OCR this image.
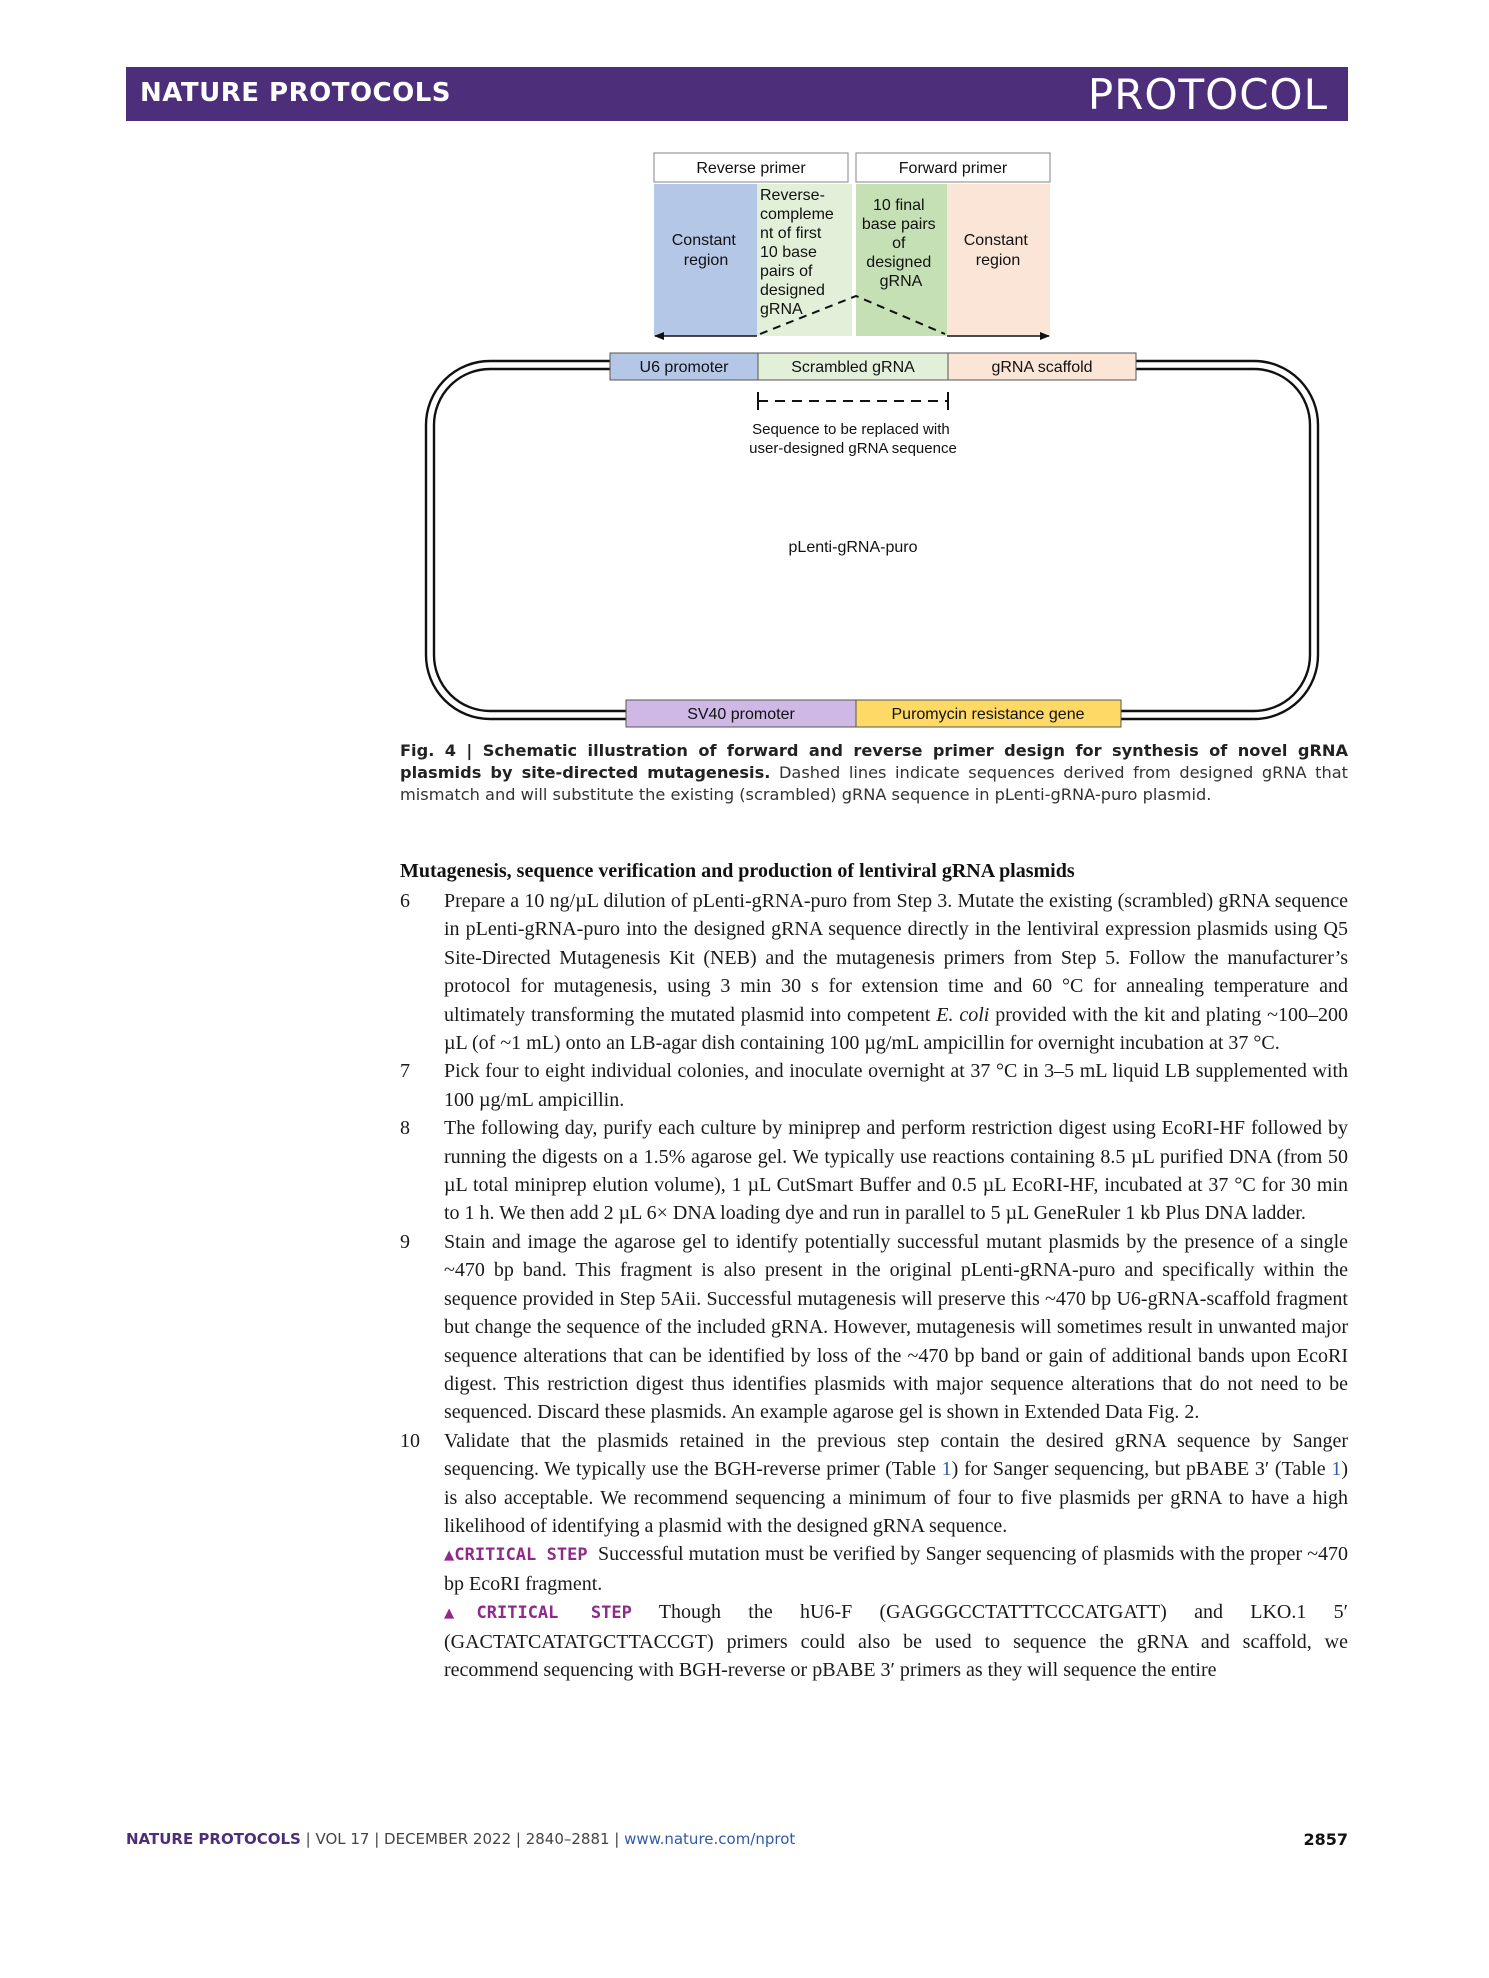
NATURE PROTOCOLS	PROTOCOL
Reverse primer	Forward primer
Constant region
Reverse- compleme nt of first 10 base pairs of designed gRNA
10 final base pairs of designed gRNA
Constant region
U6 promoter	Scrambled gRNA	gRNA scaffold
Sequence to be replaced with user-designed gRNA sequence
pLenti-gRNA-puro
SV40 promoter	Puromycin resistance gene
Fig. 4 | Schematic illustration of forward and reverse primer design for synthesis of novel gRNA plasmids by site-directed mutagenesis. Dashed lines indicate sequences derived from designed gRNA that mismatch and will substitute the existing (scrambled) gRNA sequence in pLenti-gRNA-puro plasmid.
Mutagenesis, sequence verification and production of lentiviral gRNA plasmids
6 Prepare a 10 ng/µL dilution of pLenti-gRNA-puro from Step 3. Mutate the existing (scrambled) gRNA sequence in pLenti-gRNA-puro into the designed gRNA sequence directly in the lentiviral expression plasmids using Q5 Site-Directed Mutagenesis Kit (NEB) and the mutagenesis primers from Step 5. Follow the manufacturer’s protocol for mutagenesis, using 3 min 30 s for extension time and 60 °C for annealing temperature and ultimately transforming the mutated plasmid into competent E. coli provided with the kit and plating ~100–200 µL (of ~1 mL) onto an LB-agar dish containing 100 µg/mL ampicillin for overnight incubation at 37 °C.

7 Pick four to eight individual colonies, and inoculate overnight at 37 °C in 3–5 mL liquid LB supplemented with 100 µg/mL ampicillin.

8 The following day, purify each culture by miniprep and perform restriction digest using EcoRI-HF followed by running the digests on a 1.5% agarose gel. We typically use reactions containing 8.5 µL purified DNA (from 50 µL total miniprep elution volume), 1 µL CutSmart Buffer and 0.5 µL EcoRI-HF, incubated at 37 °C for 30 min to 1 h. We then add 2 µL 6× DNA loading dye and run in parallel to 5 µL GeneRuler 1 kb Plus DNA ladder.

9 Stain and image the agarose gel to identify potentially successful mutant plasmids by the presence of a single ~470 bp band. This fragment is also present in the original pLenti-gRNA-puro and specifically within the sequence provided in Step 5Aii. Successful mutagenesis will preserve this ~470 bp U6-gRNA-scaffold fragment but change the sequence of the included gRNA. However, mutagenesis will sometimes result in unwanted major sequence alterations that can be identified by loss of the ~470 bp band or gain of additional bands upon EcoRI digest. This restriction digest thus identifies plasmids with major sequence alterations that do not need to be sequenced. Discard these plasmids. An example agarose gel is shown in Extended Data Fig. 2.

10 Validate that the plasmids retained in the previous step contain the desired gRNA sequence by Sanger sequencing. We typically use the BGH-reverse primer (Table 1) for Sanger sequencing, but pBABE 3′ (Table 1) is also acceptable. We recommend sequencing a minimum of four to five plasmids per gRNA to have a high likelihood of identifying a plasmid with the designed gRNA sequence.

▲CRITICAL STEP Successful mutation must be verified by Sanger sequencing of plasmids with the proper ~470 bp EcoRI fragment.

▲CRITICAL STEP Though the hU6-F (GAGGGCCTATTTCCCATGATT) and LKO.1 5′ (GACTATCATATGCTTACCGT) primers could also be used to sequence the gRNA and scaffold, we recommend sequencing with BGH-reverse or pBABE 3′ primers as they will sequence the entire

NATURE PROTOCOLS | VOL 17 | DECEMBER 2022 | 2840–2881 | www.nature.com/nprot	2857
